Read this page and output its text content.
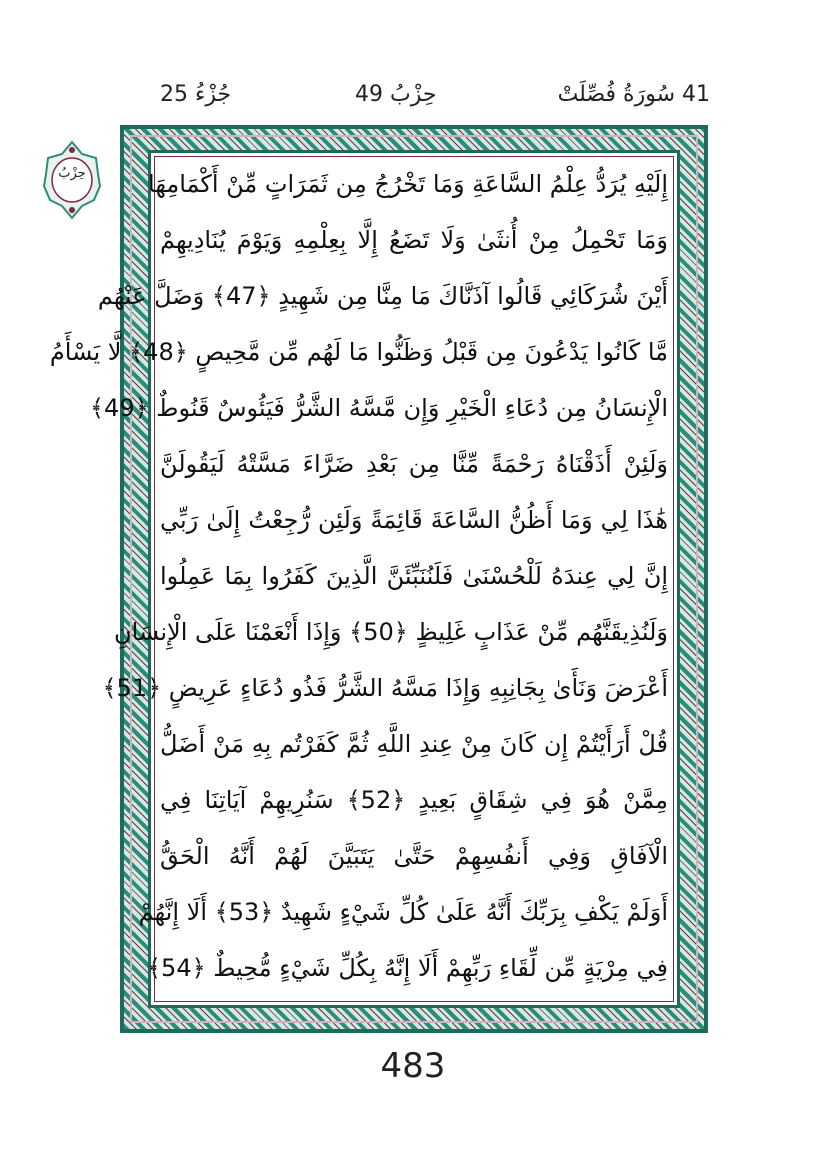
جُزْءُ 25	حِزْبُ 49	41 سُورَةُ فُصِّلَتْ
حِزْبُ	إِلَيْهِ يُرَدُّ عِلْمُ السَّاعَةِ وَمَا تَخْرُجُ مِن ثَمَرَاتٍ مِّنْ أَكْمَامِهَا
وَمَا تَحْمِلُ مِنْ أُنثَىٰ وَلَا تَضَعُ إِلَّا بِعِلْمِهِ وَيَوْمَ يُنَادِيهِمْ
أَيْنَ شُرَكَائِي قَالُوا آذَنَّاكَ مَا مِنَّا مِن شَهِيدٍ ﴿47﴾ وَضَلَّ عَنْهُم
مَّا كَانُوا يَدْعُونَ مِن قَبْلُ وَظَنُّوا مَا لَهُم مِّن مَّحِيصٍ ﴿48﴾ لَّا يَسْأَمُ
الْإِنسَانُ مِن دُعَاءِ الْخَيْرِ وَإِن مَّسَّهُ الشَّرُّ فَيَئُوسٌ قَنُوطٌ ﴿49﴾
وَلَئِنْ أَذَقْنَاهُ رَحْمَةً مِّنَّا مِن بَعْدِ ضَرَّاءَ مَسَّتْهُ لَيَقُولَنَّ
هَٰذَا لِي وَمَا أَظُنُّ السَّاعَةَ قَائِمَةً وَلَئِن رُّجِعْتُ إِلَىٰ رَبِّي
إِنَّ لِي عِندَهُ لَلْحُسْنَىٰ فَلَنُنَبِّئَنَّ الَّذِينَ كَفَرُوا بِمَا عَمِلُوا
وَلَنُذِيقَنَّهُم مِّنْ عَذَابٍ غَلِيظٍ ﴿50﴾ وَإِذَا أَنْعَمْنَا عَلَى الْإِنسَانِ
أَعْرَضَ وَنَأَىٰ بِجَانِبِهِ وَإِذَا مَسَّهُ الشَّرُّ فَذُو دُعَاءٍ عَرِيضٍ ﴿51﴾
قُلْ أَرَأَيْتُمْ إِن كَانَ مِنْ عِندِ اللَّهِ ثُمَّ كَفَرْتُم بِهِ مَنْ أَضَلُّ
مِمَّنْ هُوَ فِي شِقَاقٍ بَعِيدٍ ﴿52﴾ سَنُرِيهِمْ آيَاتِنَا فِي
الْآفَاقِ وَفِي أَنفُسِهِمْ حَتَّىٰ يَتَبَيَّنَ لَهُمْ أَنَّهُ الْحَقُّ
أَوَلَمْ يَكْفِ بِرَبِّكَ أَنَّهُ عَلَىٰ كُلِّ شَيْءٍ شَهِيدٌ ﴿53﴾ أَلَا إِنَّهُمْ
فِي مِرْيَةٍ مِّن لِّقَاءِ رَبِّهِمْ أَلَا إِنَّهُ بِكُلِّ شَيْءٍ مُّحِيطٌ ﴿54﴾
483
